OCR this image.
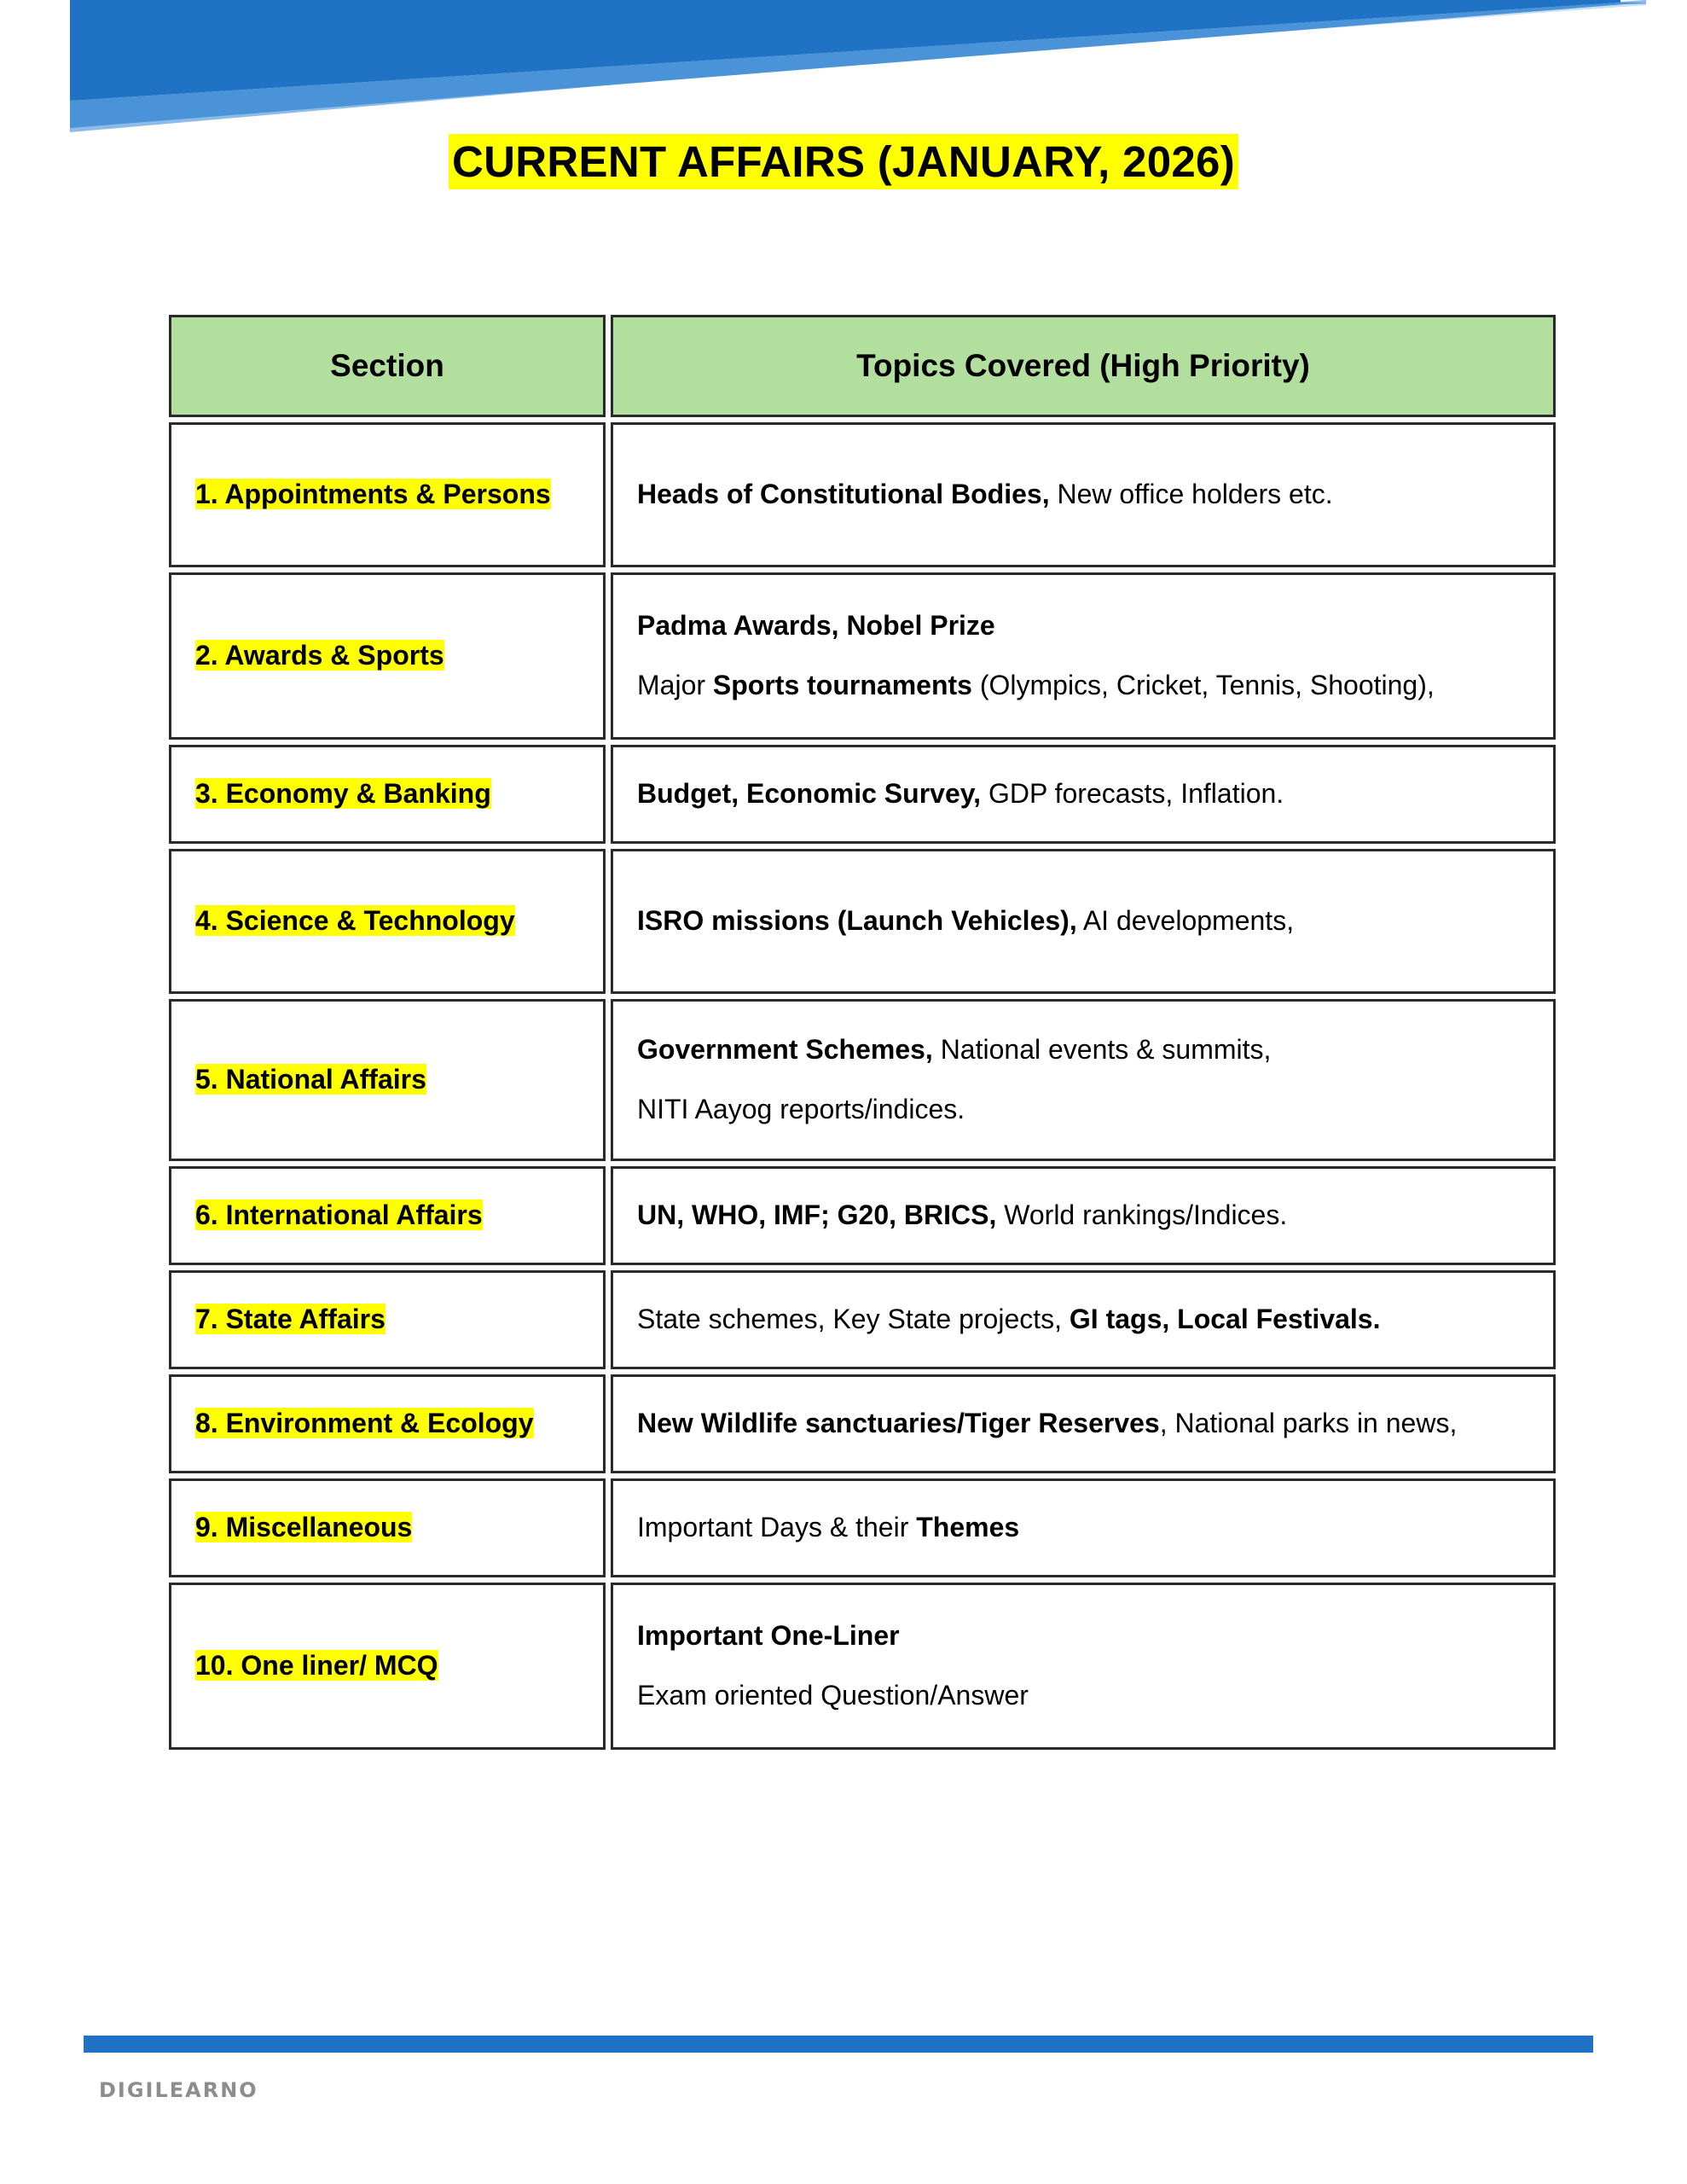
CURRENT AFFAIRS (JANUARY, 2026)
Section		Topics Covered (High Priority)
1. Appointments & Persons		Heads of Constitutional Bodies, New office holders etc.

2. Awards & Sports		Padma Awards, Nobel Prize
Major Sports tournaments (Olympics, Cricket, Tennis, Shooting),

3. Economy & Banking		Budget, Economic Survey, GDP forecasts, Inflation.

4. Science & Technology		ISRO missions (Launch Vehicles), AI developments,

5. National Affairs		Government Schemes, National events & summits,
NITI Aayog reports/indices.

6. International Affairs		UN, WHO, IMF; G20, BRICS, World rankings/Indices.

7. State Affairs		State schemes, Key State projects, GI tags, Local Festivals.

8. Environment & Ecology		New Wildlife sanctuaries/Tiger Reserves, National parks in news,

9. Miscellaneous		Important Days & their Themes

10. One liner/ MCQ		Important One-Liner
Exam oriented Question/Answer
DIGILEARNO
